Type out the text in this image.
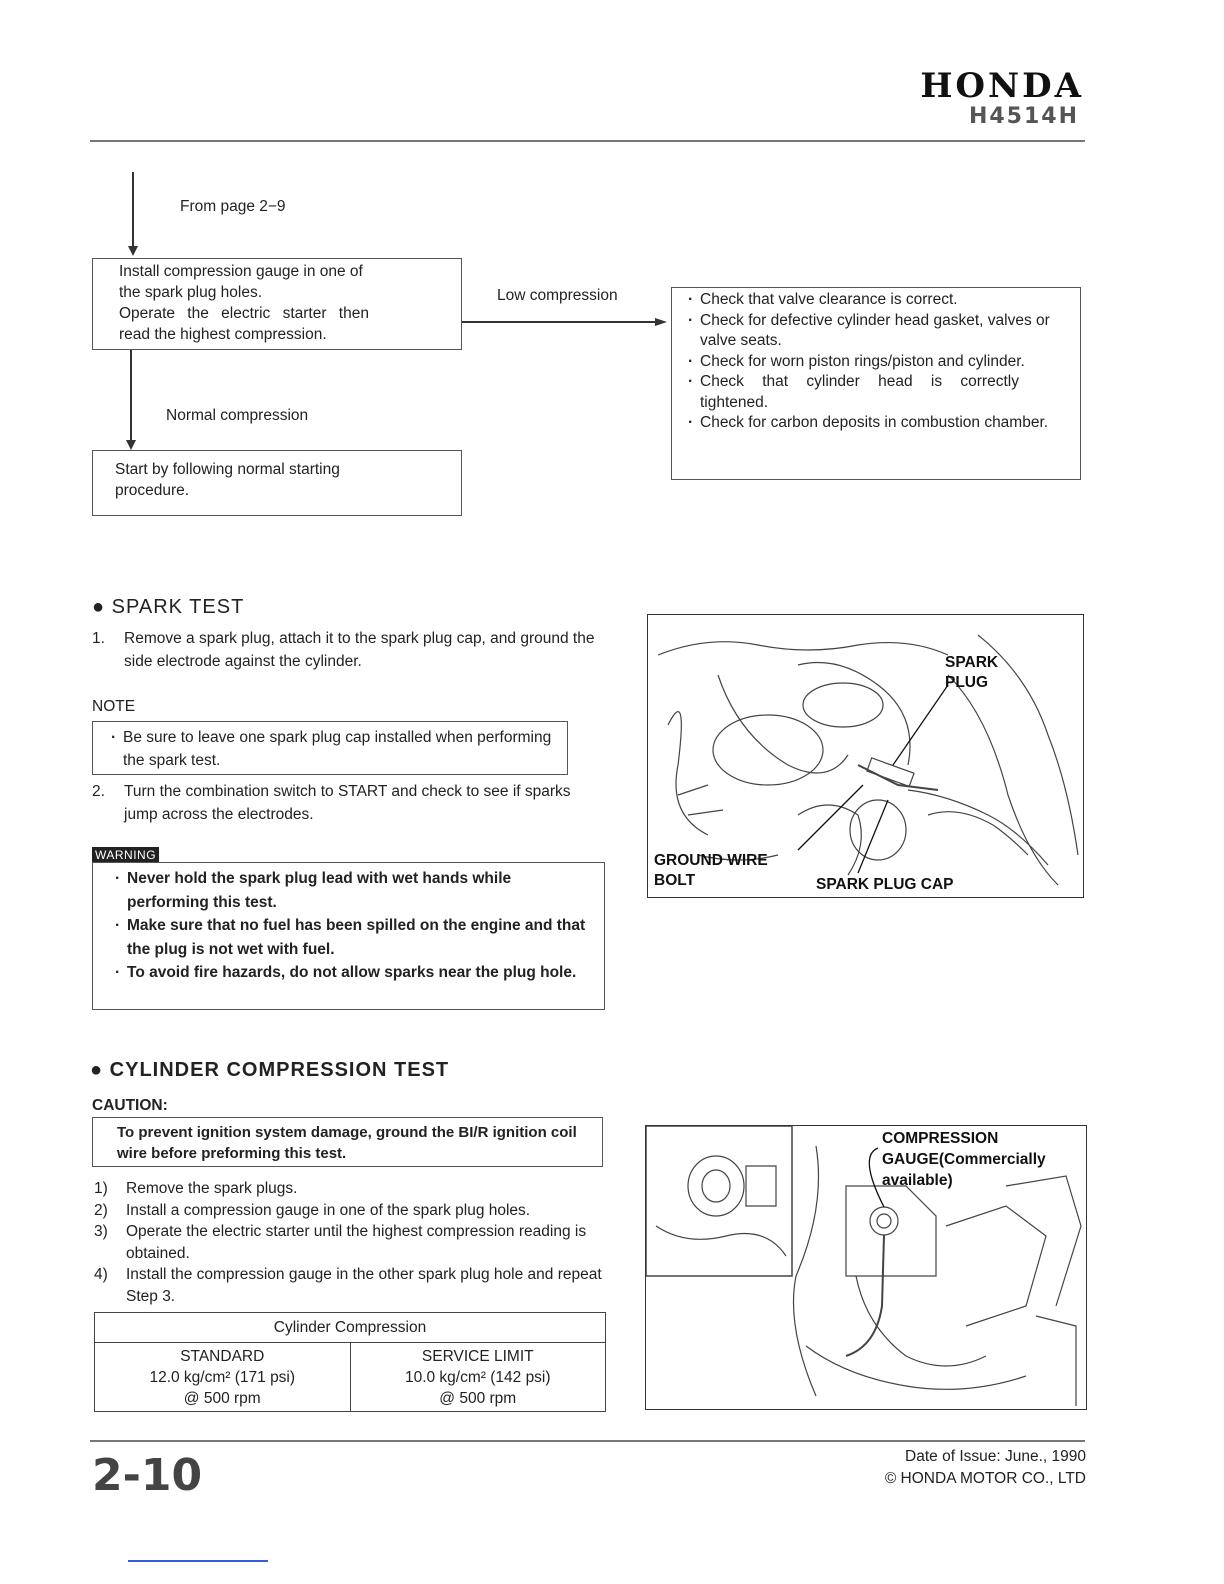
HONDA
H4514H
From page 2−9
Install compression gauge in one of
the spark plug holes.
Operate the electric starter then
read the highest compression.
Low compression
·	Check that valve clearance is correct.
· Check for defective cylinder head gasket, valves or valve seats.
· Check for worn piston rings/piston and cylinder.
· Check that cylinder head is correctly tightened.
· Check for carbon deposits in combustion chamber.
Normal compression
Start by following normal starting
procedure.
● SPARK TEST
1.	Remove a spark plug, attach it to the spark plug cap, and ground the side electrode against the cylinder.
NOTE
· Be sure to leave one spark plug cap installed when performing the spark test.
2.	Turn the combination switch to START and check to see if sparks jump across the electrodes.
WARNING
· Never hold the spark plug lead with wet hands while performing this test.
· Make sure that no fuel has been spilled on the engine and that the plug is not wet with fuel.
· To avoid fire hazards, do not allow sparks near the plug hole.
SPARK PLUG
GROUND WIRE BOLT	SPARK PLUG CAP
● CYLINDER COMPRESSION TEST
CAUTION:
To prevent ignition system damage, ground the BI/R ignition coil wire before preforming this test.
1) Remove the spark plugs.
2) Install a compression gauge in one of the spark plug holes.
3) Operate the electric starter until the highest compression reading is obtained.
4) Install the compression gauge in the other spark plug hole and repeat Step 3.
Cylinder Compression

STANDARD
12.0 kg/cm² (171 psi)
@ 500 rpm

SERVICE LIMIT
10.0 kg/cm² (142 psi)
@ 500 rpm
COMPRESSION GAUGE(Commercially available)
2-10	Date of Issue: June., 1990
© HONDA MOTOR CO., LTD
